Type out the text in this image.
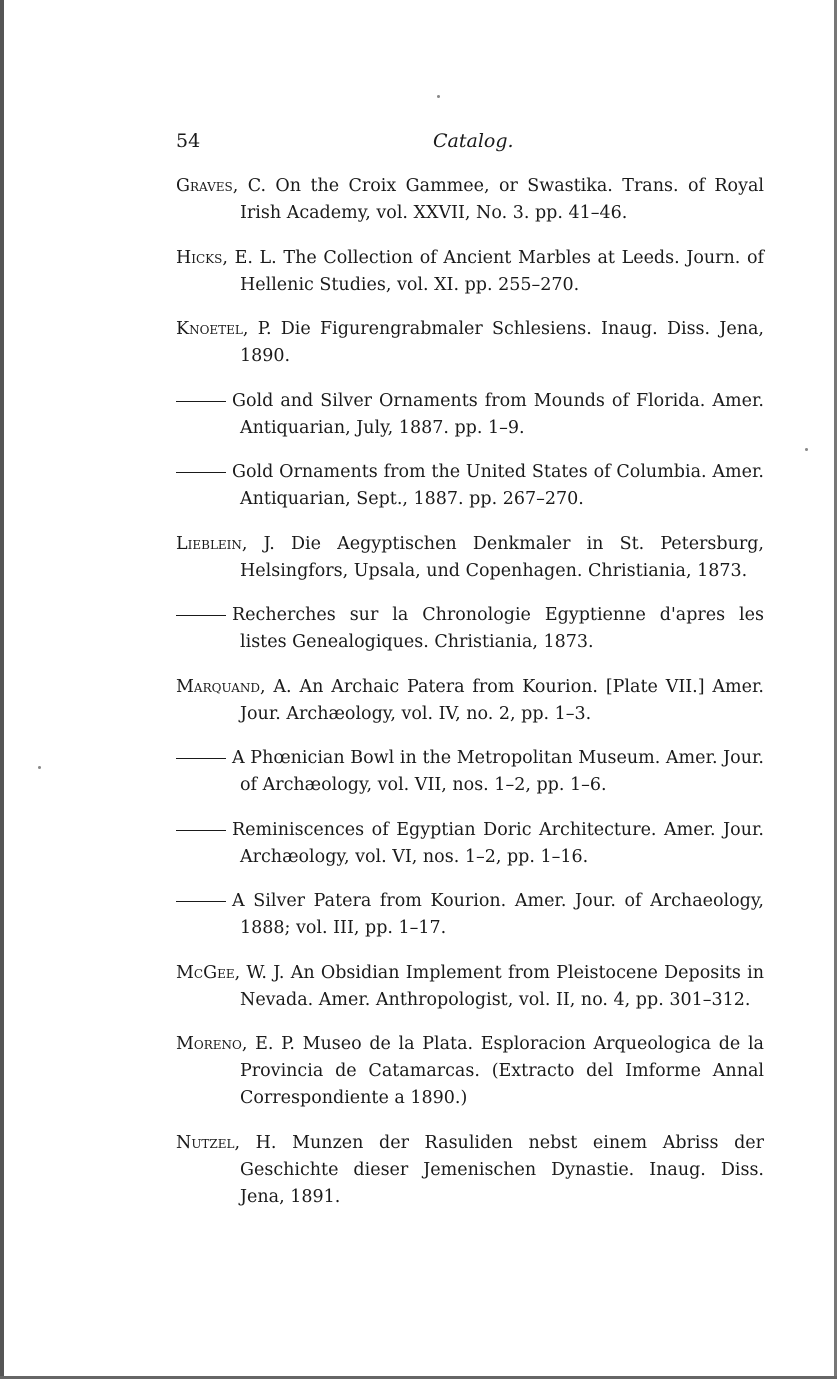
54	Catalog.

Graves, C. On the Croix Gammee, or Swastika. Trans. of Royal Irish Academy, vol. XXVII, No. 3. pp. 41–46.

Hicks, E. L. The Collection of Ancient Marbles at Leeds. Journ. of Hellenic Studies, vol. XI. pp. 255–270.

Knoetel, P. Die Figurengrabmaler Schlesiens. Inaug. Diss. Jena, 1890.

Gold and Silver Ornaments from Mounds of Florida. Amer. Antiquarian, July, 1887. pp. 1–9.

Gold Ornaments from the United States of Columbia. Amer. Antiquarian, Sept., 1887. pp. 267–270.

Lieblein, J. Die Aegyptischen Denkmaler in St. Petersburg, Helsingfors, Upsala, und Copenhagen. Christiania, 1873.

Recherches sur la Chronologie Egyptienne d'apres les listes Genealogiques. Christiania, 1873.

Marquand, A. An Archaic Patera from Kourion. [Plate VII.] Amer. Jour. Archæology, vol. IV, no. 2, pp. 1–3.

A Phœnician Bowl in the Metropolitan Museum. Amer. Jour. of Archæology, vol. VII, nos. 1–2, pp. 1–6.

Reminiscences of Egyptian Doric Architecture. Amer. Jour. Archæology, vol. VI, nos. 1–2, pp. 1–16.

A Silver Patera from Kourion. Amer. Jour. of Archaeology, 1888; vol. III, pp. 1–17.

McGee, W. J. An Obsidian Implement from Pleistocene Deposits in Nevada. Amer. Anthropologist, vol. II, no. 4, pp. 301–312.

Moreno, E. P. Museo de la Plata. Esploracion Arqueologica de la Provincia de Catamarcas. (Extracto del Imforme Annal Correspondiente a 1890.)

Nutzel, H. Munzen der Rasuliden nebst einem Abriss der Geschichte dieser Jemenischen Dynastie. Inaug. Diss. Jena, 1891.
